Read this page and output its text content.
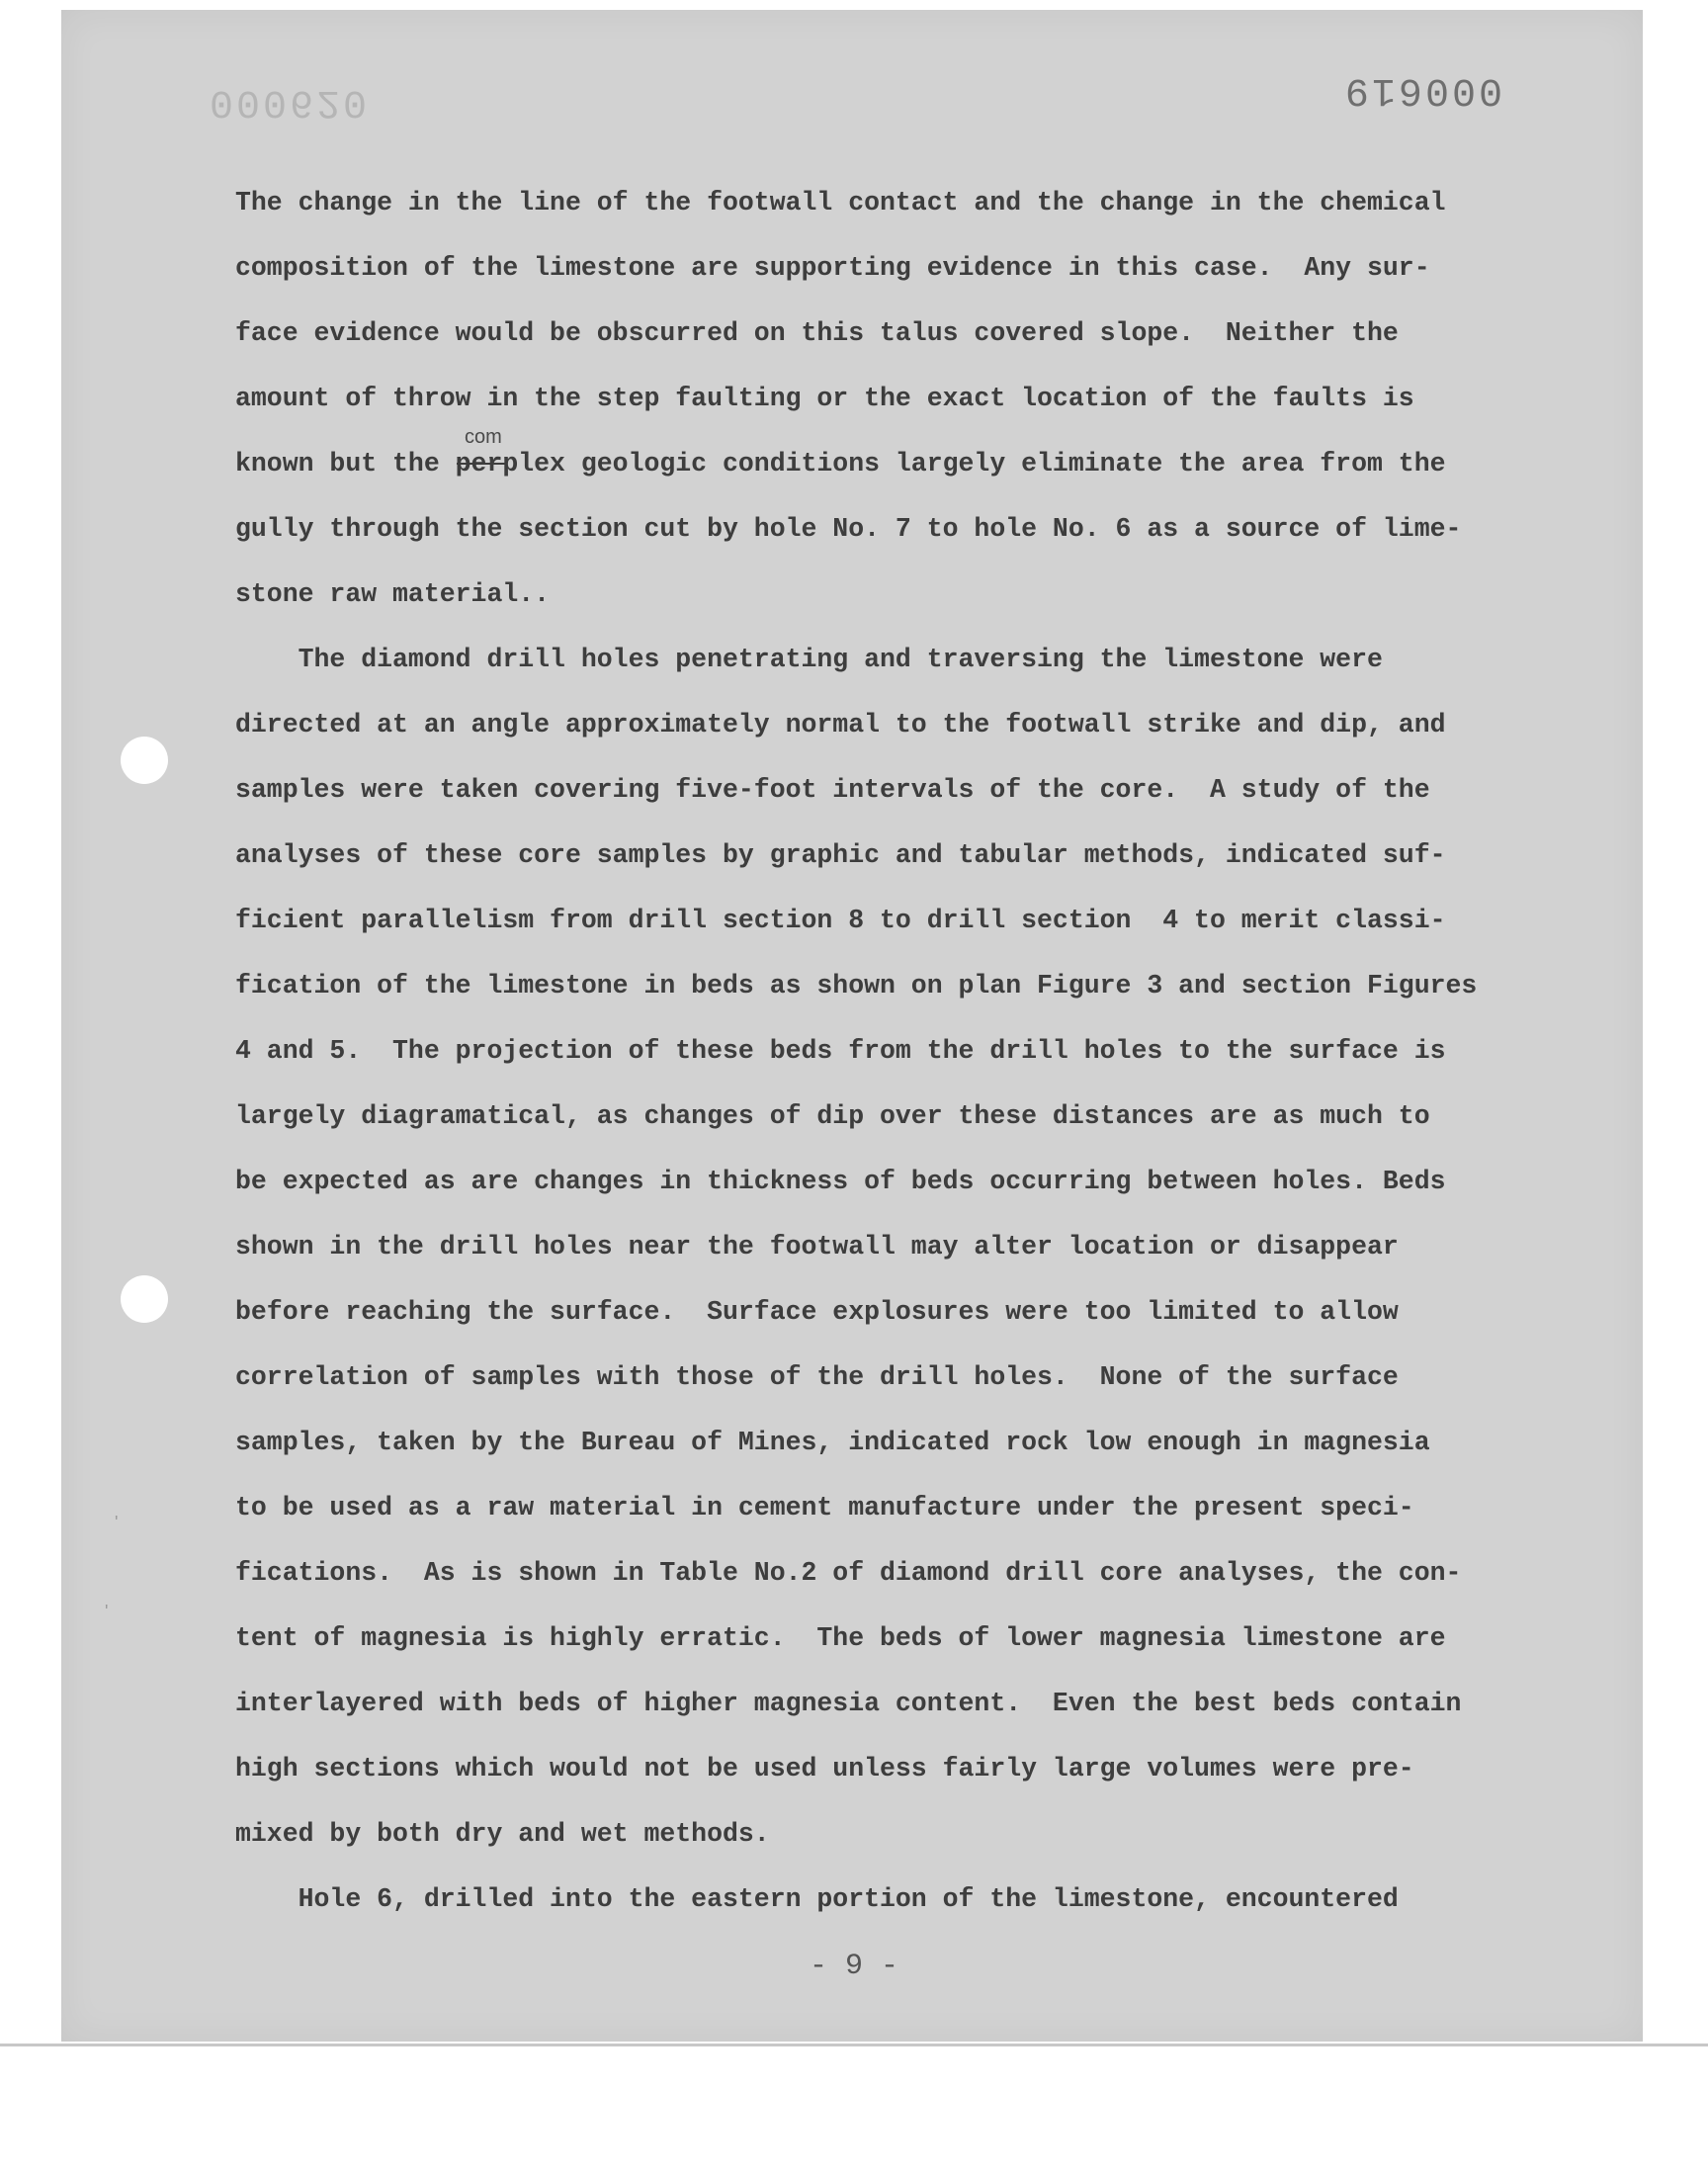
000620	000619
ʹ
ʹ
com
The change in the line of the footwall contact and the change in the chemical
composition of the limestone are supporting evidence in this case.  Any sur-
face evidence would be obscurred on this talus covered slope.  Neither the
amount of throw in the step faulting or the exact location of the faults is
known but the perplex geologic conditions largely eliminate the area from the
gully through the section cut by hole No. 7 to hole No. 6 as a source of lime-
stone raw material..
The diamond drill holes penetrating and traversing the limestone were
directed at an angle approximately normal to the footwall strike and dip, and
samples were taken covering five-foot intervals of the core.  A study of the
analyses of these core samples by graphic and tabular methods, indicated suf-
ficient parallelism from drill section 8 to drill section  4 to merit classi-
fication of the limestone in beds as shown on plan Figure 3 and section Figures
4 and 5.  The projection of these beds from the drill holes to the surface is
largely diagramatical, as changes of dip over these distances are as much to
be expected as are changes in thickness of beds occurring between holes. Beds
shown in the drill holes near the footwall may alter location or disappear
before reaching the surface.  Surface explosures were too limited to allow
correlation of samples with those of the drill holes.  None of the surface
samples, taken by the Bureau of Mines, indicated rock low enough in magnesia
to be used as a raw material in cement manufacture under the present speci-
fications.  As is shown in Table No.2 of diamond drill core analyses, the con-
tent of magnesia is highly erratic.  The beds of lower magnesia limestone are
interlayered with beds of higher magnesia content.  Even the best beds contain
high sections which would not be used unless fairly large volumes were pre-
mixed by both dry and wet methods.
Hole 6, drilled into the eastern portion of the limestone, encountered
- 9 -
